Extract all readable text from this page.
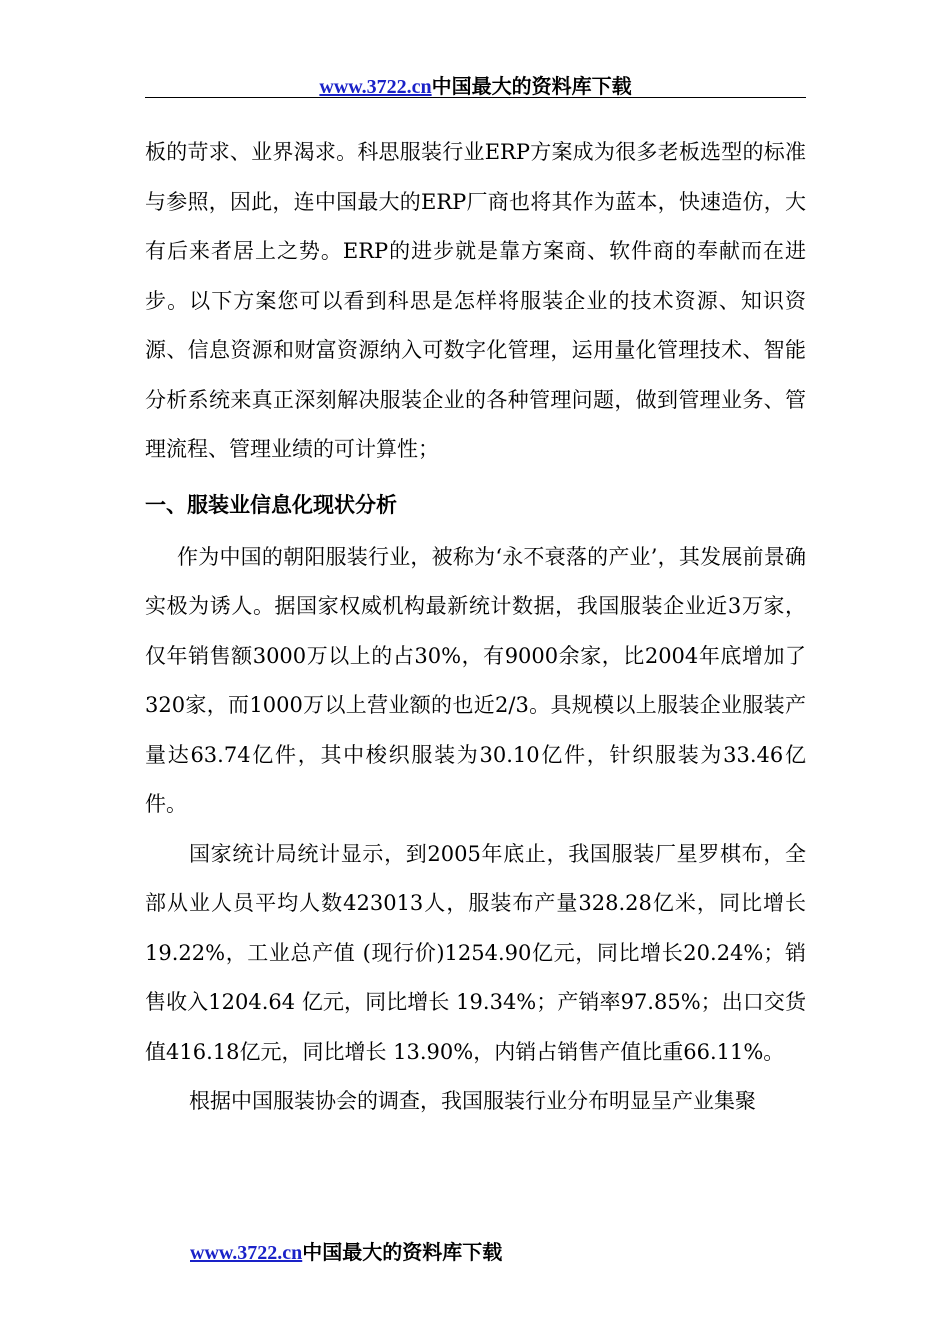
www.3722.cn中国最大的资料库下载

板的苛求、业界渴求。科思服装行业ERP方案成为很多老板选型的标准与参照，因此，连中国最大的ERP厂商也将其作为蓝本，快速造仿，大有后来者居上之势。ERP的进步就是靠方案商、软件商的奉献而在进步。以下方案您可以看到科思是怎样将服装企业的技术资源、知识资源、信息资源和财富资源纳入可数字化管理，运用量化管理技术、智能分析系统来真正深刻解决服装企业的各种管理问题，做到管理业务、管理流程、管理业绩的可计算性；

一、服装业信息化现状分析

作为中国的朝阳服装行业，被称为‘永不衰落的产业’，其发展前景确实极为诱人。据国家权威机构最新统计数据，我国服装企业近3万家，仅年销售额3000万以上的占30%，有9000余家，比2004年底增加了320家，而1000万以上营业额的也近2/3。具规模以上服装企业服装产量达63.74亿件，其中梭织服装为30.10亿件，针织服装为33.46亿件。

国家统计局统计显示，到2005年底止，我国服装厂星罗棋布，全部从业人员平均人数423013人，服装布产量328.28亿米，同比增长 19.22%，工业总产值 (现行价)1254.90亿元，同比增长20.24%；销售收入1204.64 亿元，同比增长 19.34%；产销率97.85%；出口交货值416.18亿元，同比增长 13.90%，内销占销售产值比重66.11%。

根据中国服装协会的调查，我国服装行业分布明显呈产业集聚

www.3722.cn中国最大的资料库下载
